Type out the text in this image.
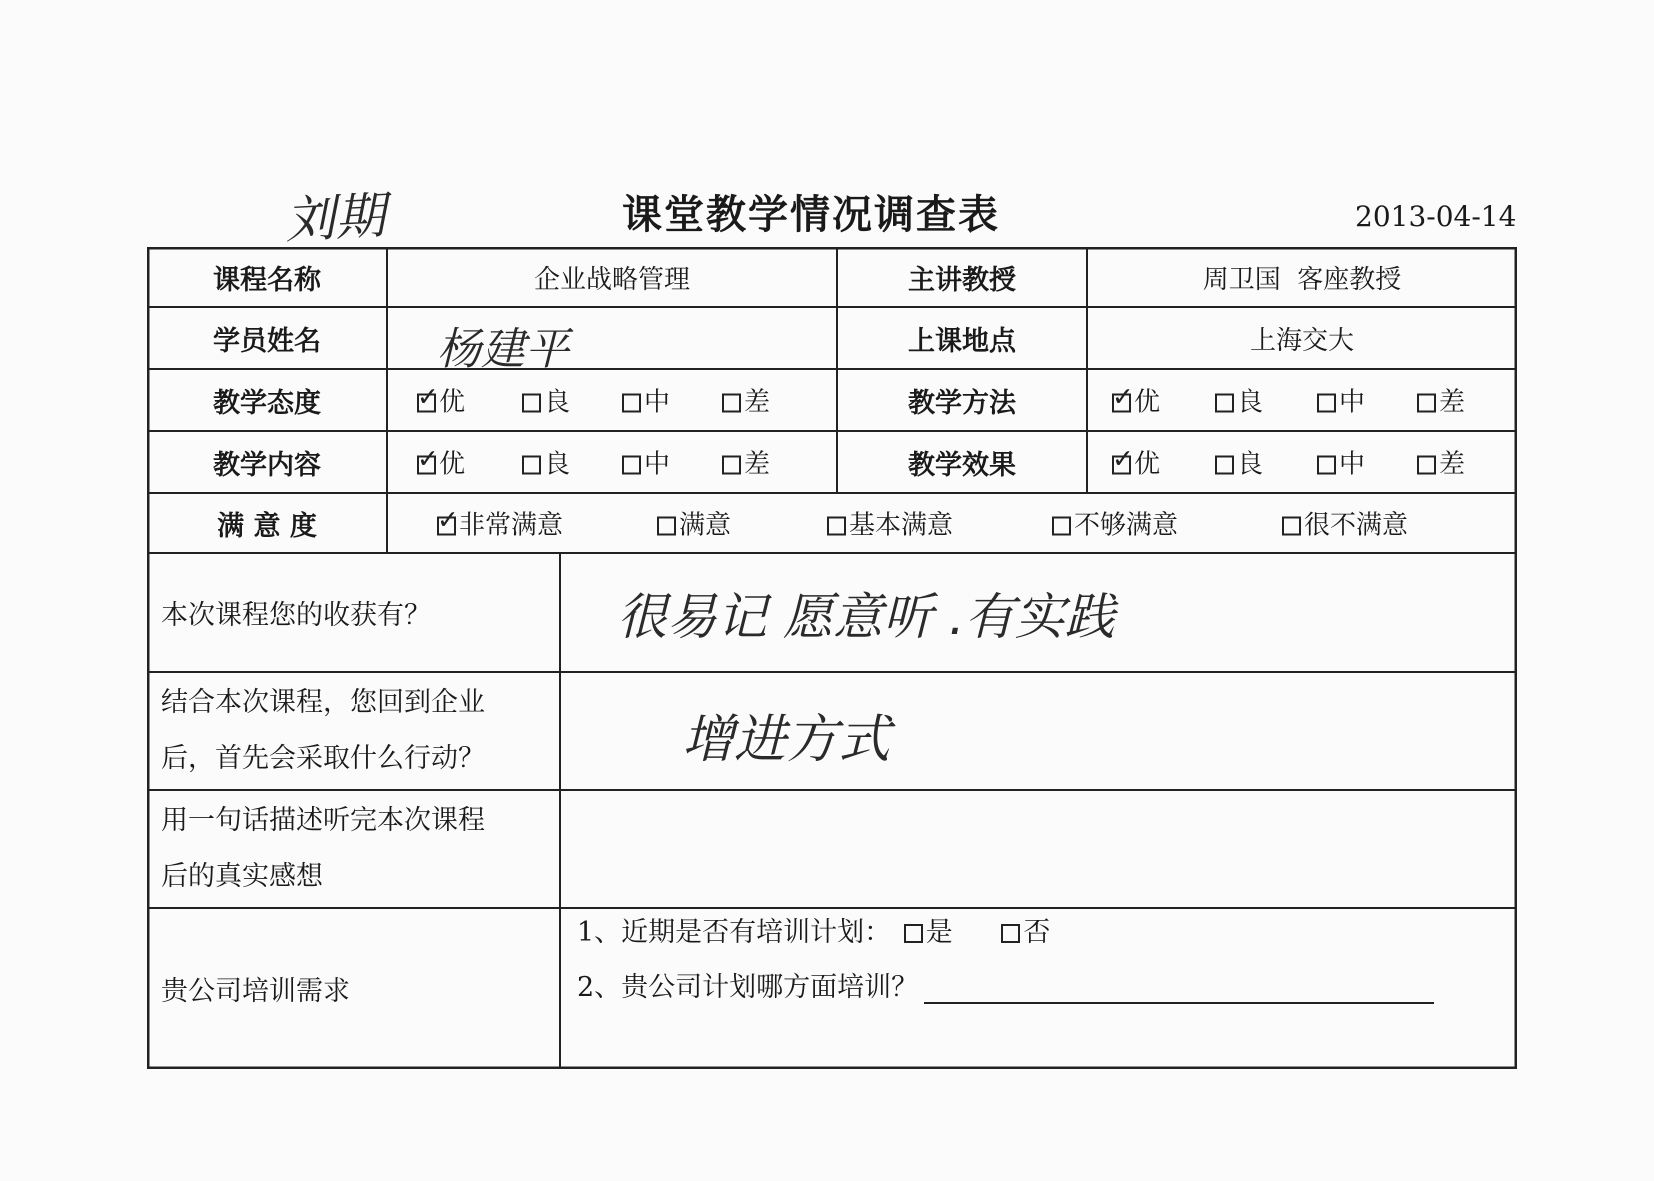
刘期	课堂教学情况调查表	2013-04-14
课程名称	企业战略管理	主讲教授	周卫国  客座教授
学员姓名	杨建平	上课地点	上海交大
教学态度 ✓	优	良	中	差	教学方法 ✓	优	良	中	差
教学内容 ✓	优	良	中	差	教学效果 ✓	优	良	中	差
满 意 度 ✓	非常满意	满意	基本满意	不够满意	很不满意
本次课程您的收获有？	很易记 愿意听 .有实践
结合本次课程，您回到企业
后，首先会采取什么行动？	增进方式
用一句话描述听完本次课程
后的真实感想
贵公司培训需求
1、近期是否有培训计划： 是	否
2、贵公司计划哪方面培训？
